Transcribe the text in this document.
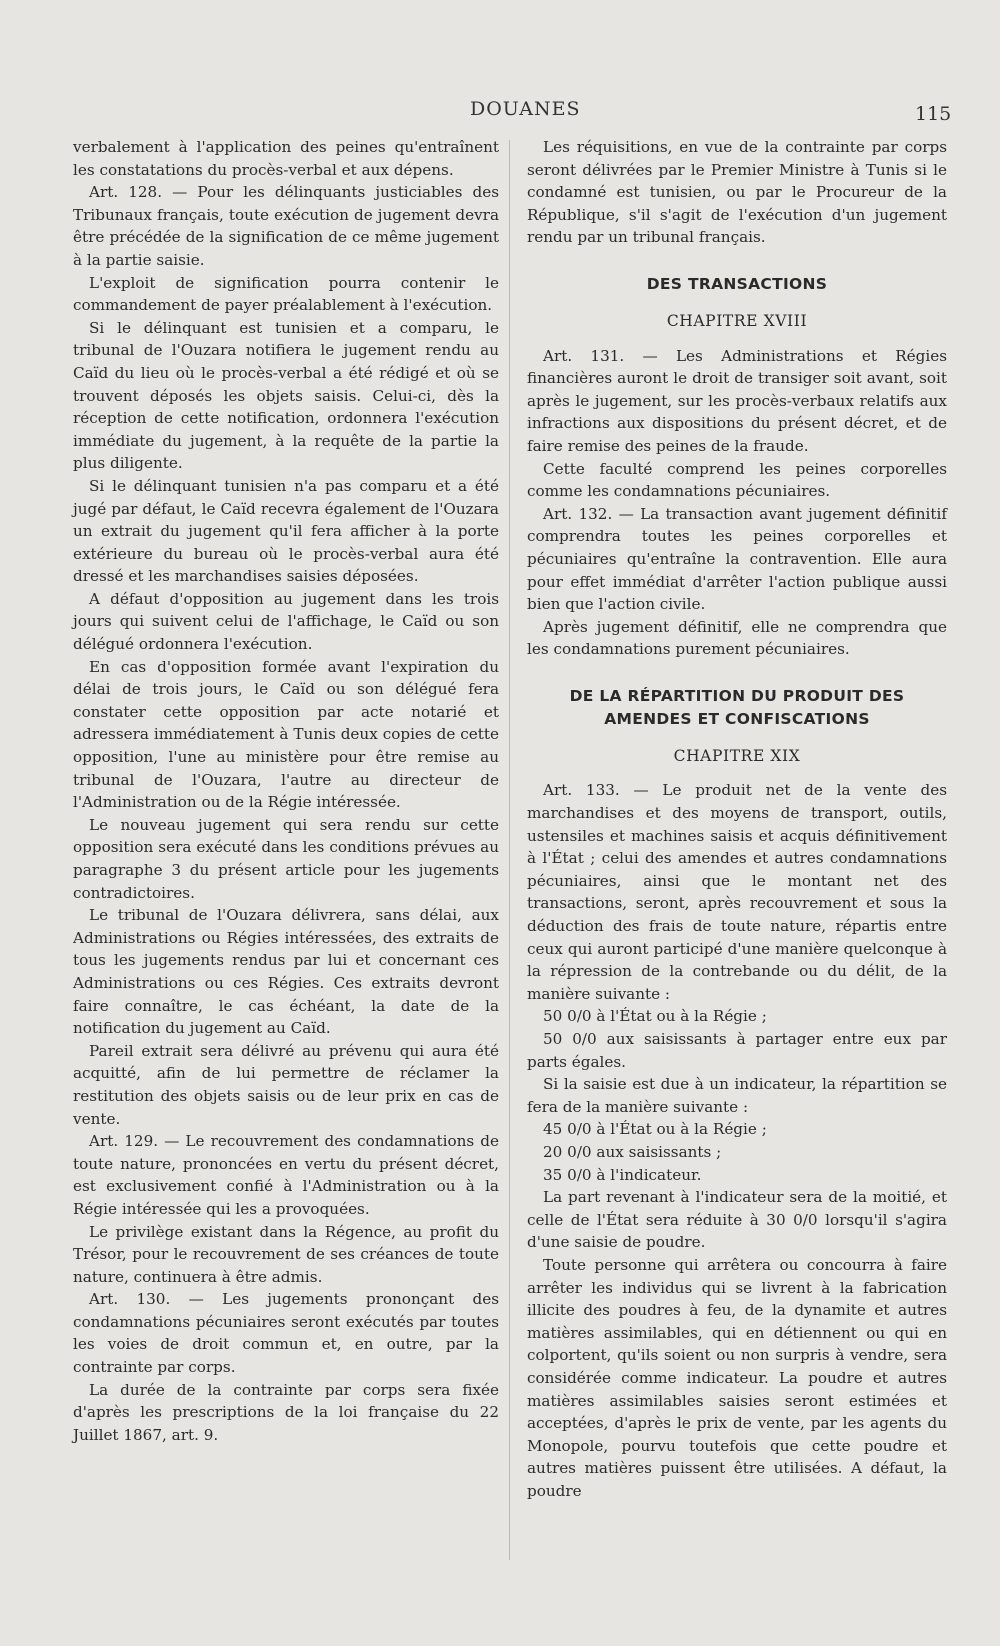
DOUANES	115

verbalement à l'application des peines qu'entraînent les constatations du procès-verbal et aux dépens.

Art. 128. — Pour les délinquants justiciables des Tribunaux français, toute exécution de jugement devra être précédée de la signification de ce même jugement à la partie saisie.

L'exploit de signification pourra contenir le commandement de payer préalablement à l'exécution.

Si le délinquant est tunisien et a comparu, le tribunal de l'Ouzara notifiera le jugement rendu au Caïd du lieu où le procès-verbal a été rédigé et où se trouvent déposés les objets saisis. Celui-ci, dès la réception de cette notification, ordonnera l'exécution immédiate du jugement, à la requête de la partie la plus diligente.

Si le délinquant tunisien n'a pas comparu et a été jugé par défaut, le Caïd recevra également de l'Ouzara un extrait du jugement qu'il fera afficher à la porte extérieure du bureau où le procès-verbal aura été dressé et les marchandises saisies déposées.

A défaut d'opposition au jugement dans les trois jours qui suivent celui de l'affichage, le Caïd ou son délégué ordonnera l'exécution.

En cas d'opposition formée avant l'expiration du délai de trois jours, le Caïd ou son délégué fera constater cette opposition par acte notarié et adressera immédiatement à Tunis deux copies de cette opposition, l'une au ministère pour être remise au tribunal de l'Ouzara, l'autre au directeur de l'Administration ou de la Régie intéressée.

Le nouveau jugement qui sera rendu sur cette opposition sera exécuté dans les conditions prévues au paragraphe 3 du présent article pour les jugements contradictoires.

Le tribunal de l'Ouzara délivrera, sans délai, aux Administrations ou Régies intéressées, des extraits de tous les jugements rendus par lui et concernant ces Administrations ou ces Régies. Ces extraits devront faire connaître, le cas échéant, la date de la notification du jugement au Caïd.

Pareil extrait sera délivré au prévenu qui aura été acquitté, afin de lui permettre de réclamer la restitution des objets saisis ou de leur prix en cas de vente.

Art. 129. — Le recouvrement des condamnations de toute nature, prononcées en vertu du présent décret, est exclusivement confié à l'Administration ou à la Régie intéressée qui les a provoquées.

Le privilège existant dans la Régence, au profit du Trésor, pour le recouvrement de ses créances de toute nature, continuera à être admis.

Art. 130. — Les jugements prononçant des condamnations pécuniaires seront exécutés par toutes les voies de droit commun et, en outre, par la contrainte par corps.

La durée de la contrainte par corps sera fixée d'après les prescriptions de la loi française du 22 Juillet 1867, art. 9.

Les réquisitions, en vue de la contrainte par corps seront délivrées par le Premier Ministre à Tunis si le condamné est tunisien, ou par le Procureur de la République, s'il s'agit de l'exécution d'un jugement rendu par un tribunal français.

DES TRANSACTIONS

CHAPITRE XVIII

Art. 131. — Les Administrations et Régies financières auront le droit de transiger soit avant, soit après le jugement, sur les procès-verbaux relatifs aux infractions aux dispositions du présent décret, et de faire remise des peines de la fraude.

Cette faculté comprend les peines corporelles comme les condamnations pécuniaires.

Art. 132. — La transaction avant jugement définitif comprendra toutes les peines corporelles et pécuniaires qu'entraîne la contravention. Elle aura pour effet immédiat d'arrêter l'action publique aussi bien que l'action civile.

Après jugement définitif, elle ne comprendra que les condamnations purement pécuniaires.

DE LA RÉPARTITION DU PRODUIT DES

AMENDES ET CONFISCATIONS

CHAPITRE XIX

Art. 133. — Le produit net de la vente des marchandises et des moyens de transport, outils, ustensiles et machines saisis et acquis définitivement à l'État ; celui des amendes et autres condamnations pécuniaires, ainsi que le montant net des transactions, seront, après recouvrement et sous la déduction des frais de toute nature, répartis entre ceux qui auront participé d'une manière quelconque à la répression de la contrebande ou du délit, de la manière suivante :

50 0/0 à l'État ou à la Régie ;

50 0/0 aux saisissants à partager entre eux par parts égales.

Si la saisie est due à un indicateur, la répartition se fera de la manière suivante :

45 0/0 à l'État ou à la Régie ;

20 0/0 aux saisissants ;

35 0/0 à l'indicateur.

La part revenant à l'indicateur sera de la moitié, et celle de l'État sera réduite à 30 0/0 lorsqu'il s'agira d'une saisie de poudre.

Toute personne qui arrêtera ou concourra à faire arrêter les individus qui se livrent à la fabrication illicite des poudres à feu, de la dynamite et autres matières assimilables, qui en détiennent ou qui en colportent, qu'ils soient ou non surpris à vendre, sera considérée comme indicateur. La poudre et autres matières assimilables saisies seront estimées et acceptées, d'après le prix de vente, par les agents du Monopole, pourvu toutefois que cette poudre et autres matières puissent être utilisées. A défaut, la poudre
